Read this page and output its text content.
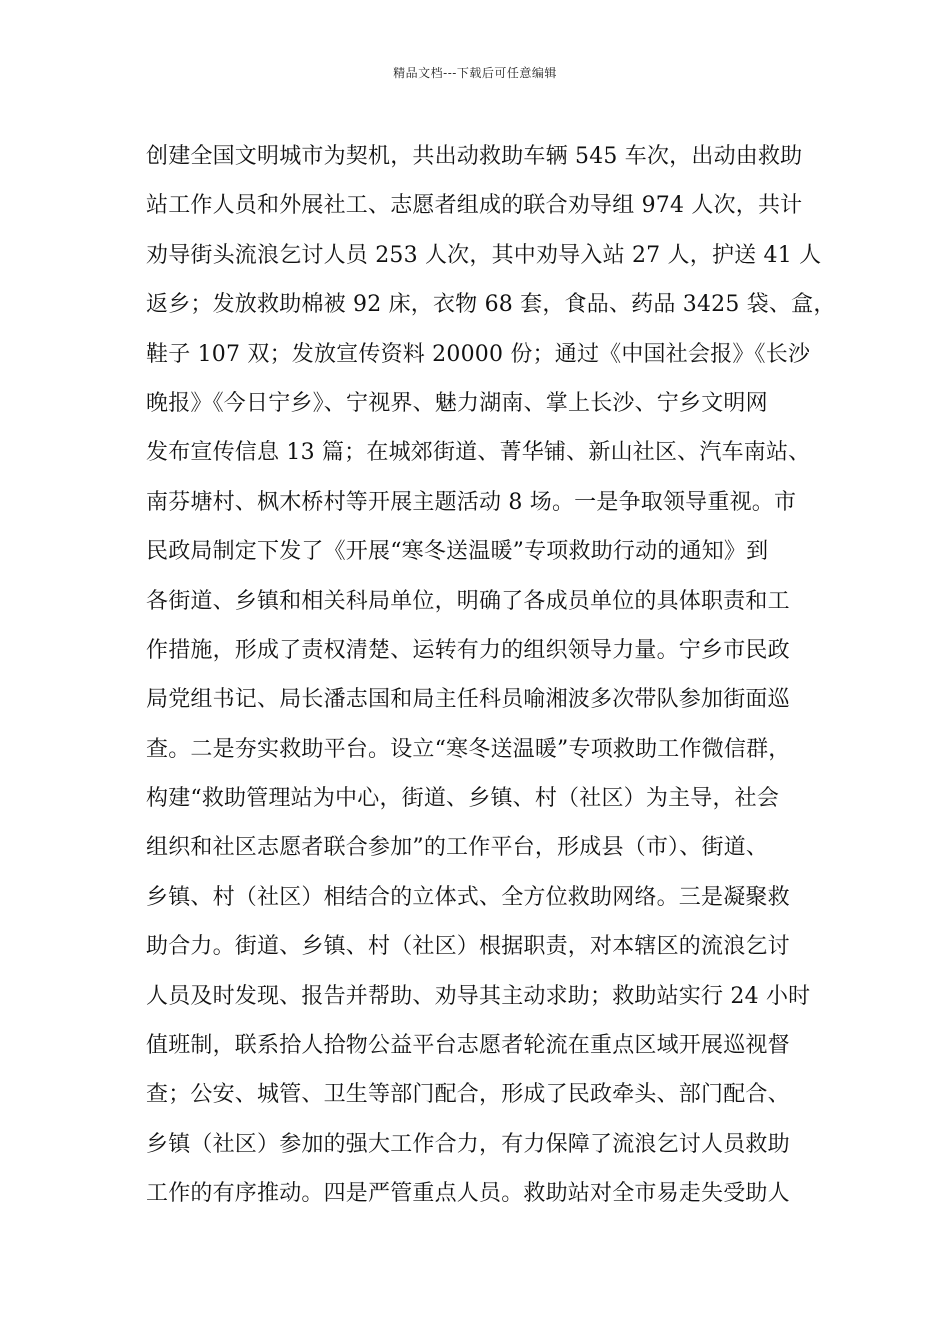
精品文档---下载后可任意编辑
创建全国文明城市为契机，共出动救助车辆 545 车次，出动由救助
站工作人员和外展社工、志愿者组成的联合劝导组 974 人次，共计
劝导街头流浪乞讨人员 253 人次，其中劝导入站 27 人，护送 41 人
返乡；发放救助棉被 92 床，衣物 68 套，食品、药品 3425 袋、盒，
鞋子 107 双；发放宣传资料 20000 份；通过《中国社会报》《长沙
晚报》《今日宁乡》、宁视界、魅力湖南、掌上长沙、宁乡文明网
发布宣传信息 13 篇；在城郊街道、菁华铺、新山社区、汽车南站、
南芬塘村、枫木桥村等开展主题活动 8 场。一是争取领导重视。市
民政局制定下发了《开展“寒冬送温暖”专项救助行动的通知》到
各街道、乡镇和相关科局单位，明确了各成员单位的具体职责和工
作措施，形成了责权清楚、运转有力的组织领导力量。宁乡市民政
局党组书记、局长潘志国和局主任科员喻湘波多次带队参加街面巡
查。二是夯实救助平台。设立“寒冬送温暖”专项救助工作微信群，
构建“救助管理站为中心，街道、乡镇、村（社区）为主导，社会
组织和社区志愿者联合参加”的工作平台，形成县（市）、街道、
乡镇、村（社区）相结合的立体式、全方位救助网络。三是凝聚救
助合力。街道、乡镇、村（社区）根据职责，对本辖区的流浪乞讨
人员及时发现、报告并帮助、劝导其主动求助；救助站实行 24 小时
值班制，联系拾人拾物公益平台志愿者轮流在重点区域开展巡视督
查；公安、城管、卫生等部门配合，形成了民政牵头、部门配合、
乡镇（社区）参加的强大工作合力，有力保障了流浪乞讨人员救助
工作的有序推动。四是严管重点人员。救助站对全市易走失受助人
